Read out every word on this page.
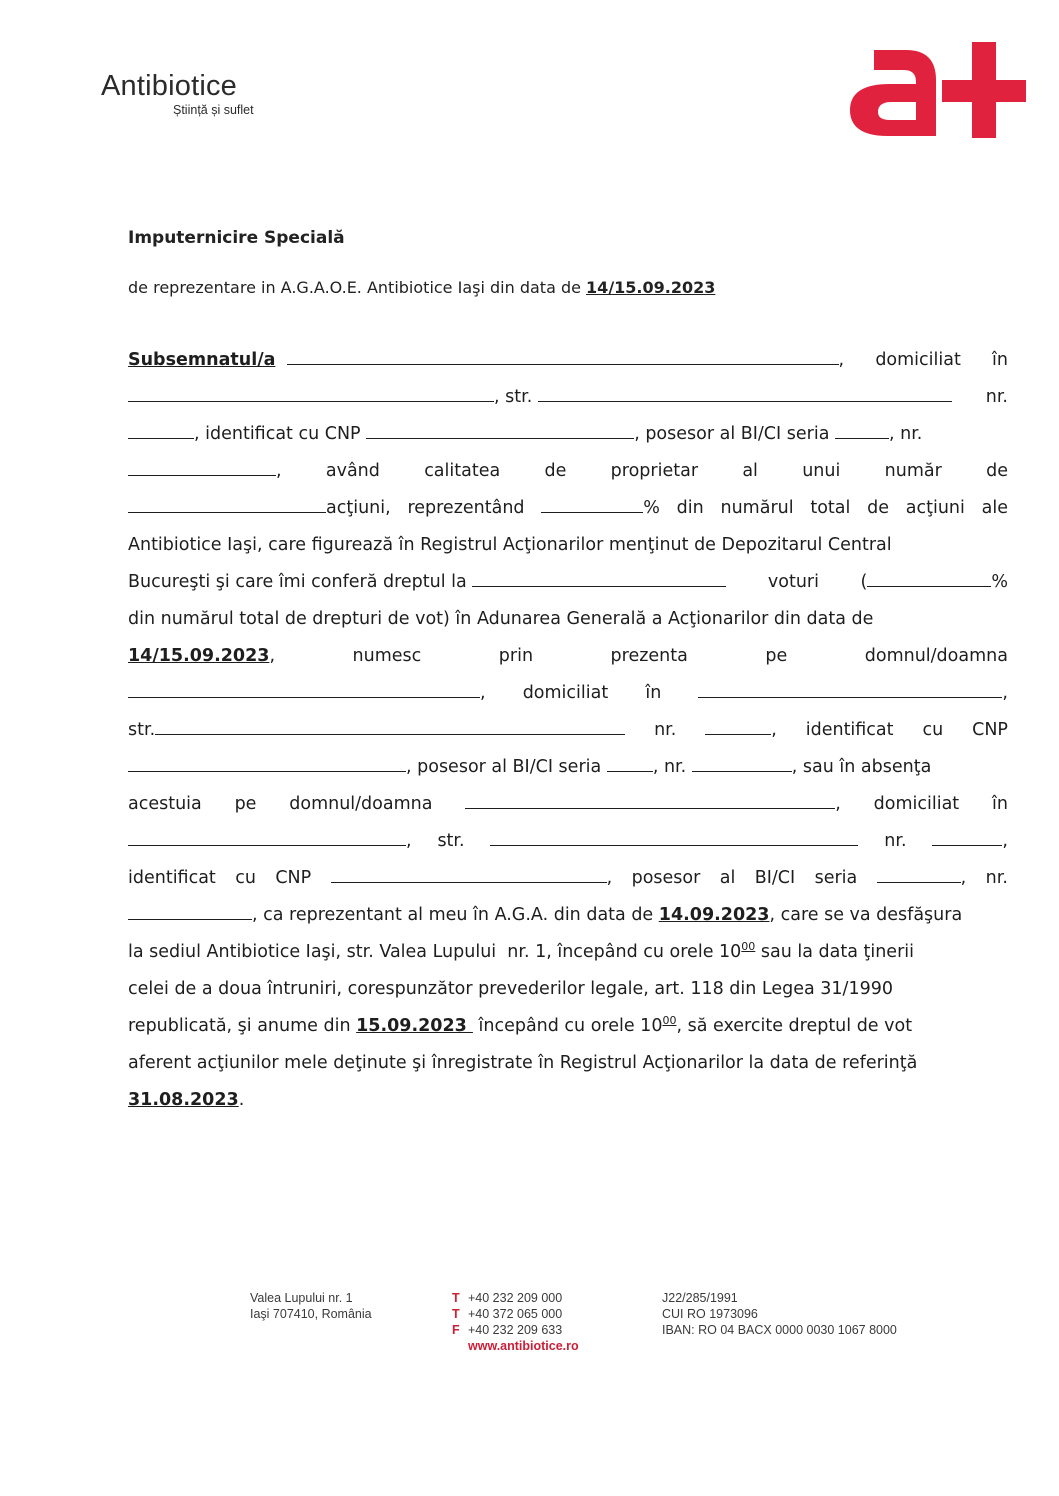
Antibiotice
Știință și suflet
Imputernicire Specială
de reprezentare in A.G.A.O.E. Antibiotice Iaşi din data de 14/15.09.2023
Subsemnatul/a	, domiciliat în
, str.	nr.
, identificat cu CNP	, posesor al BI/CI seria	, nr.
,	având	calitatea	de	proprietar	al	unui	număr	de
acţiuni, reprezentând	% din numărul total de acţiuni ale
Antibiotice Iaşi, care figurează în Registrul Acţionarilor menţinut de Depozitarul Central
Bucureşti şi care îmi conferă dreptul la	voturi (	%
din numărul total de drepturi de vot) în Adunarea Generală a Acţionarilor din data de
14/15.09.2023,	numesc	prin	prezenta	pe	domnul/doamna
, domiciliat în	,
str.	nr.	, identificat cu CNP
, posesor al BI/CI seria	, nr.	, sau în absenţa
acestuia pe domnul/doamna	, domiciliat în
, str.	nr.	,
identificat cu CNP	, posesor al BI/CI seria	, nr.
, ca reprezentant al meu în A.G.A. din data de 14.09.2023, care se va desfăşura
la sediul Antibiotice Iaşi, str. Valea Lupului  nr. 1, începând cu orele $10^{00}$ sau la data ţinerii
celei de a doua întruniri, corespunzător prevederilor legale, art. 118 din Legea 31/1990
republicată, şi anume din 15.09.2023  începând cu orele $10^{00}$, să exercite dreptul de vot
aferent acţiunilor mele deţinute şi înregistrate în Registrul Acţionarilor la data de referinţă
31.08.2023.
Valea Lupului nr. 1
Iaşi 707410, România
T +40 232 209 000
T +40 372 065 000
F +40 232 209 633
www.antibiotice.ro
J22/285/1991
CUI RO 1973096
IBAN: RO 04 BACX 0000 0030 1067 8000
